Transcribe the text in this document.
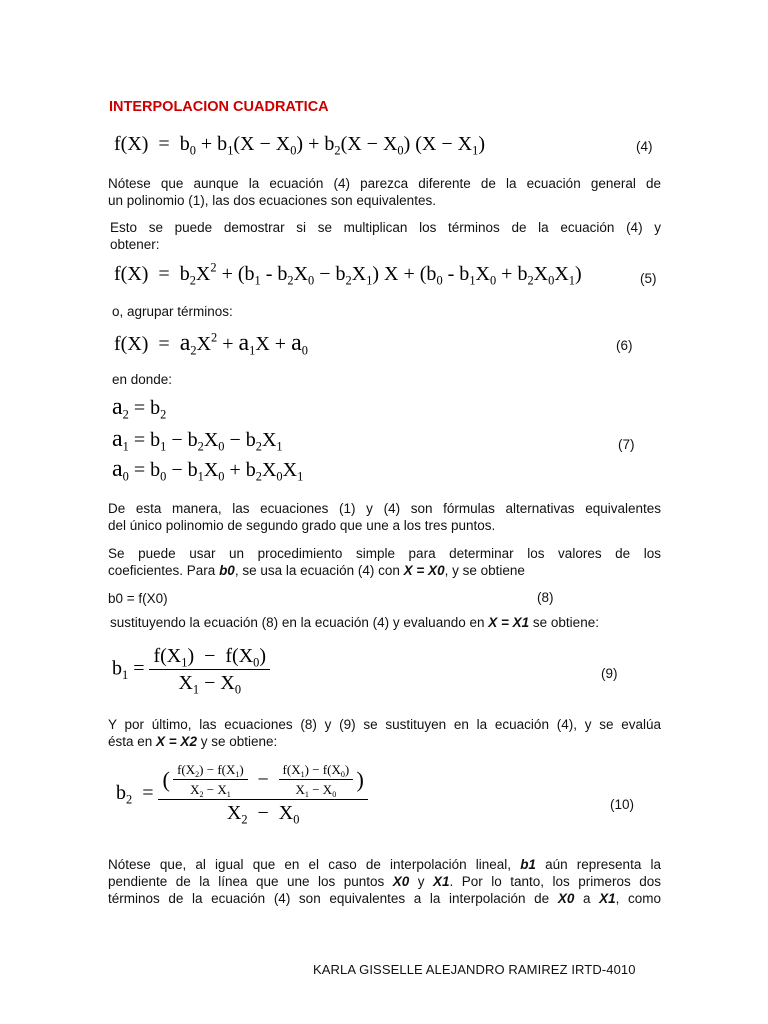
INTERPOLACION CUADRATICA
$f(X) = b_0 + b_1(X - X_0) + b_2(X - X_0) (X - X_1)$	(4)
Nótese que aunque la ecuación (4) parezca diferente de la ecuación general de
un polinomio (1), las dos ecuaciones son equivalentes.
Esto se puede demostrar si se multiplican los términos de la ecuación (4) y
obtener:
$f(X) = b_2X^2 + (b_1 - b_2X_0 - b_2X_1) X + (b_0 - b_1X_0 + b_2X_0X_1)$	(5)
o, agrupar términos:
$f(X) = a_2X^2 + a_1X + a_0$	(6)
en donde:
$a_2 = b_2$
$a_1 = b_1 - b_2X_0 - b_2X_1$
$a_0 = b_0 - b_1X_0 + b_2X_0X_1$
(7)
De esta manera, las ecuaciones (1) y (4) son fórmulas alternativas equivalentes
del único polinomio de segundo grado que une a los tres puntos.
Se puede usar un procedimiento simple para determinar los valores de los
coeficientes. Para b0, se usa la ecuación (4) con X = X0, y se obtiene
b0 = f(X0)	(8)
sustituyendo la ecuación (8) en la ecuación (4) y evaluando en X = X1 se obtiene:
$b_1 = \frac{f(X_1) - f(X_0)}{X_1 - X_0}$	(9)
Y por último, las ecuaciones (8) y (9) se sustituyen en la ecuación (4), y se evalúa
ésta en X = X2 y se obtiene:
$b_2$  =
( $\frac{f(X_2) - f(X_1)}{X_2 - X_1} - \frac{f(X_1) - f(X_0)}{X_1 - X_0}$ )
$X_2 - X_0$
(10)
Nótese que, al igual que en el caso de interpolación lineal, b1 aún representa la
pendiente de la línea que une los puntos X0 y X1. Por lo tanto, los primeros dos
términos de la ecuación (4) son equivalentes a la interpolación de X0 a X1, como
KARLA GISSELLE ALEJANDRO RAMIREZ IRTD-4010
